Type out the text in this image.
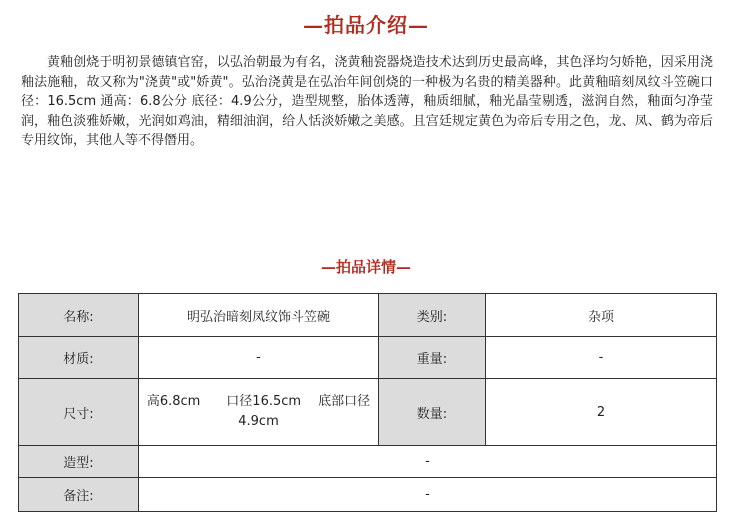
—拍品介绍—
黄釉创烧于明初景德镇官窑，以弘治朝最为有名，浇黄釉瓷器烧造技术达到历史最高峰，其色泽均匀娇艳，因采用浇釉法施釉，故又称为"浇黄"或"娇黄"。弘治浇黄是在弘治年间创烧的一种极为名贵的精美器种。此黄釉暗刻凤纹斗笠碗口径：16.5cm 通高：6.8公分 底径：4.9公分，造型规整，胎体透薄，釉质细腻，釉光晶莹剔透，滋润自然，釉面匀净莹润，釉色淡雅娇嫩，光润如鸡油，精细油润，给人恬淡娇嫩之美感。且宫廷规定黄色为帝后专用之色，龙、凤、鹤为帝后专用纹饰，其他人等不得僭用。
—拍品详情—
名称:	明弘治暗刻凤纹饰斗笠碗	类别:	杂项
材质:	-	重量:	-
尺寸:	高6.8cm　　口径16.5cm　 底部口径4.9cm	数量:	2
造型:	-		
备注:	-		
